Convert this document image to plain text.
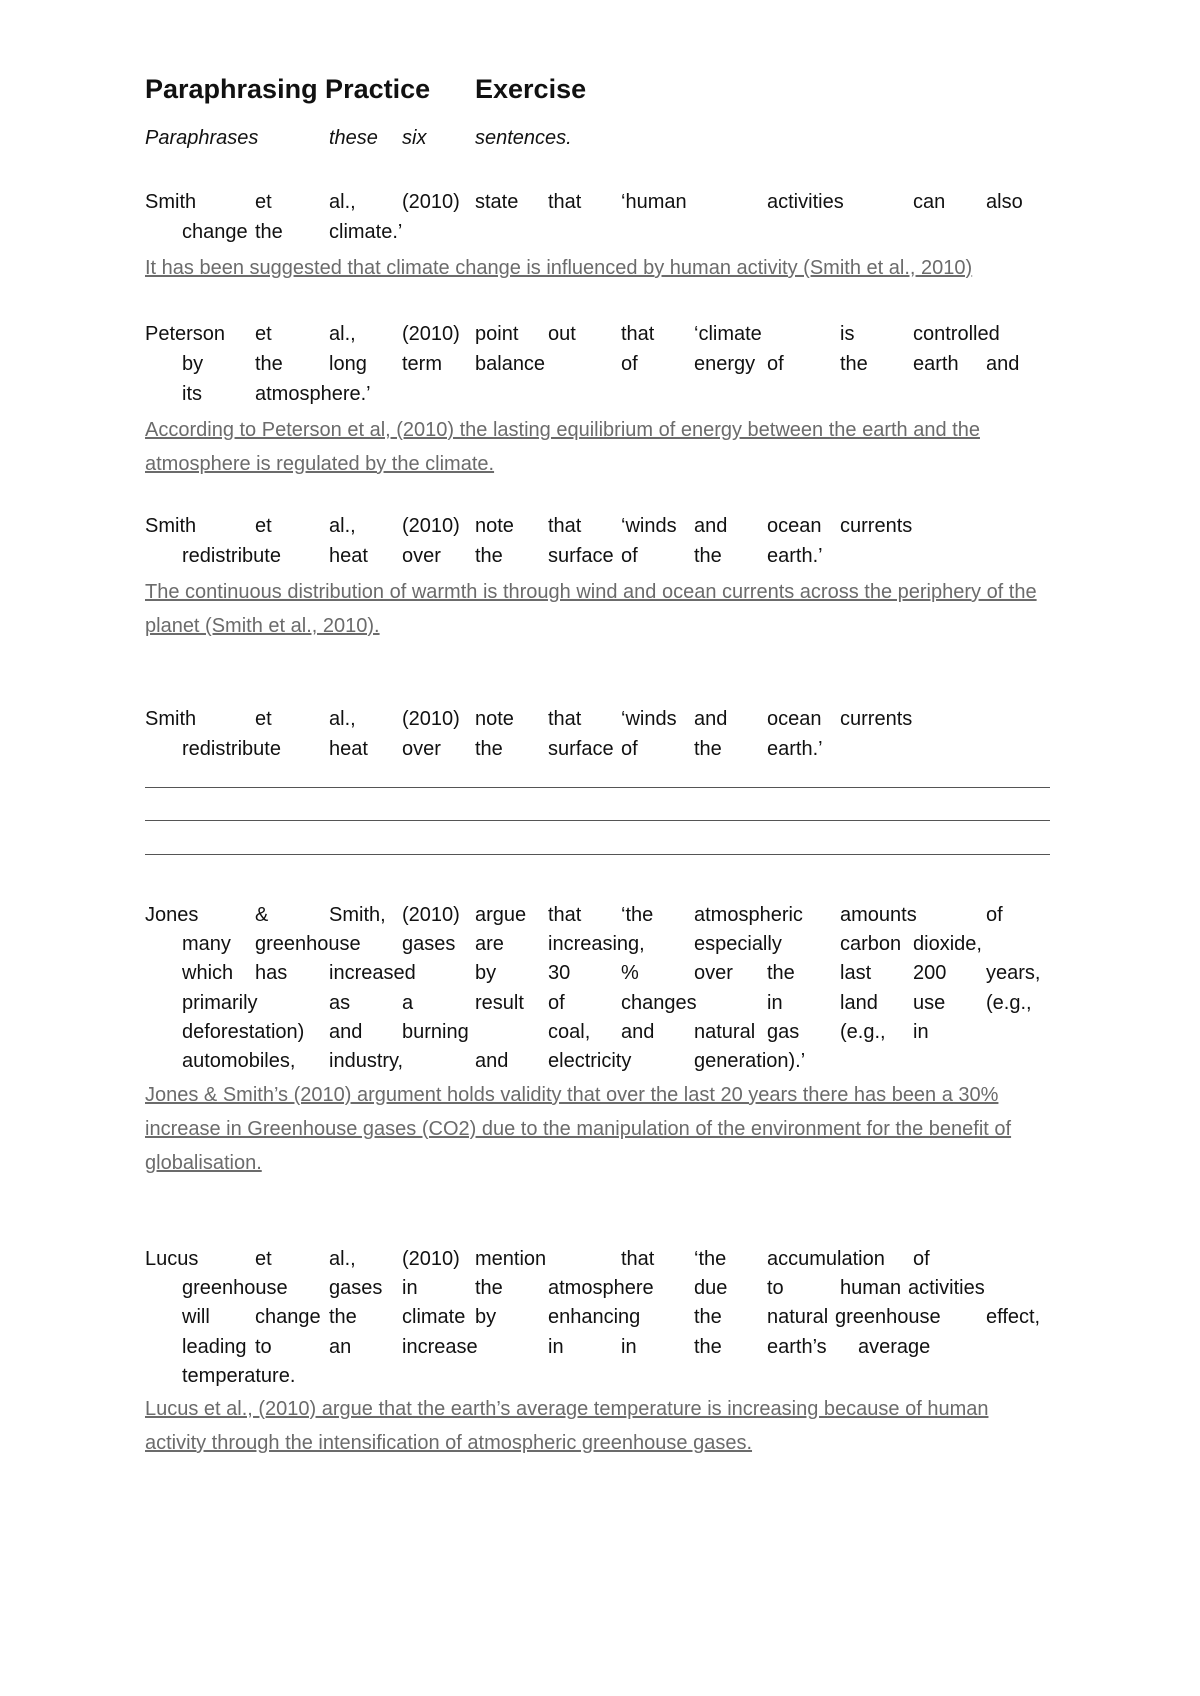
Paraphrasing Practice Exercise
Paraphrases	these six sentences.
Smith	et	al., (2010) state that ‘human	activities	can also
change the climate.’
It has been suggested that climate change is influenced by human activity (Smith et al., 2010)
Peterson et	al., (2010) point out that ‘climate	is	controlled
by	the long term balance	of	energy of	the earth and
its	atmosphere.’
According to Peterson et al, (2010) the lasting equilibrium of energy between the earth and the atmosphere is regulated by the climate.
Smith	et	al., (2010) note that ‘winds and ocean currents
redistribute heat over the surface of	the earth.’
The continuous distribution of warmth is through wind and ocean currents across the periphery of the planet (Smith et al., 2010).
Smith	et	al., (2010) note that ‘winds and ocean currents
redistribute heat over the surface of	the earth.’
Jones	&	Smith, (2010) argue that ‘the atmospheric amounts	of
many greenhouse gases are increasing, especially	carbon dioxide,
which has increased	by	30	%	over the last 200 years,
primarily	as	a	result of	changes	in	land use (e.g.,
deforestation) and burning	coal, and natural gas (e.g., in
automobiles, industry,	and electricity	generation).’
Jones & Smith’s (2010) argument holds validity that over the last 20 years there has been a 30% increase in Greenhouse gases (CO2) due to the manipulation of the environment for the benefit of globalisation.
Lucus	et	al., (2010) mention	that ‘the accumulation of
greenhouse gases in	the atmosphere due to	human activities
will change the climate by	enhancing	the natural greenhouse effect,
leading to	an	increase	in	in	the earth’s average
temperature.
Lucus et al., (2010) argue that the earth’s average temperature is increasing because of human activity through the intensification of atmospheric greenhouse gases.
